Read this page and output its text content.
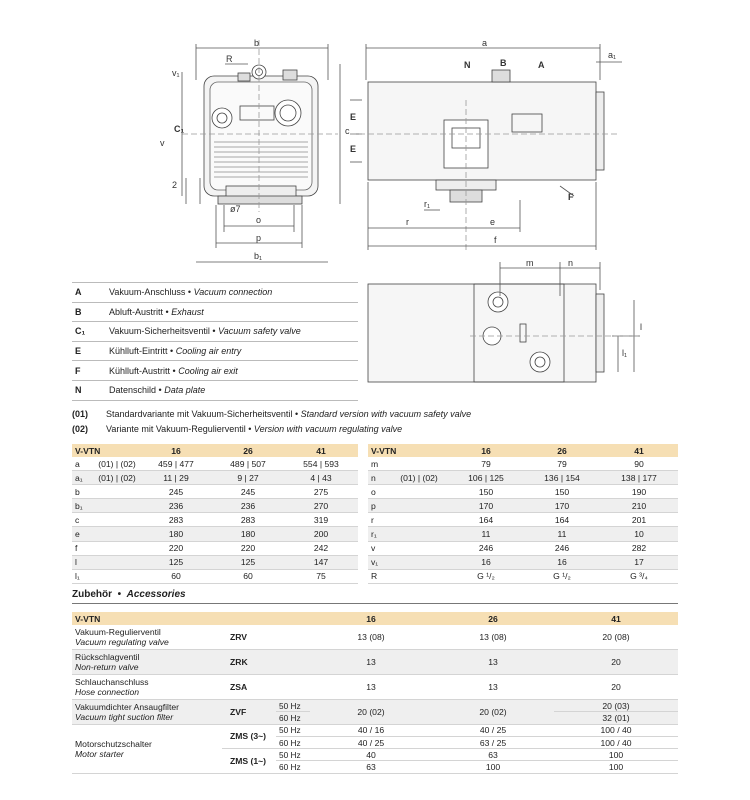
b
R
v₁
C₁
v
c
2
ø7
o
p
b₁
a
a₁
N	B	A
E
E
F
r₁
r	e
f
m	n
l
l₁
A	Vakuum-Anschluss • Vacuum connection
B	Abluft-Austritt • Exhaust
C₁	Vakuum-Sicherheitsventil • Vacuum safety valve
E	Kühlluft-Eintritt • Cooling air entry
F	Kühlluft-Austritt • Cooling air exit
N	Datenschild • Data plate
(01) Standardvariante mit Vakuum-Sicherheitsventil • Standard version with vacuum safety valve
(02) Variante mit Vakuum-Regulierventil • Version with vacuum regulating valve
V-VTN		16	26	41
a	(01) | (02)	459 | 477	489 | 507	554 | 593
a₁	(01) | (02)	11 | 29	9 | 27	4 | 43
b		245	245	275
b₁		236	236	270
c		283	283	319
e		180	180	200
f		220	220	242
l		125	125	147
l₁		60	60	75
V-VTN		16	26	41
m		79	79	90
n	(01) | (02)	106 | 125	136 | 154	138 | 177
o		150	150	190
p		170	170	210
r		164	164	201
r₁		11	11	10
v		246	246	282
v₁		16	16	17
R		G ¹/₂	G ¹/₂	G ³/₄
Zubehör • Accessories
V-VTN			16	26	41

Vakuum-Regulierventil
Vacuum regulating valve	ZRV		13 (08)	13 (08)	20 (08)

Rückschlagventil
Non-return valve	ZRK		13	13	20

Schlauchanschluss
Hose connection	ZSA		13	13	20

Vakuumdichter Ansaugfilter
Vacuum tight suction filter	ZVF	50 Hz	20 (02)	20 (02)	20 (03)
		60 Hz			32 (01)

Motorschutzschalter
Motor starter	ZMS (3~)	50 Hz	40 / 16	40 / 25	100 / 40
		60 Hz	40 / 25	63 / 25	100 / 40
	ZMS (1~)	50 Hz	40	63	100
		60 Hz	63	100	100
